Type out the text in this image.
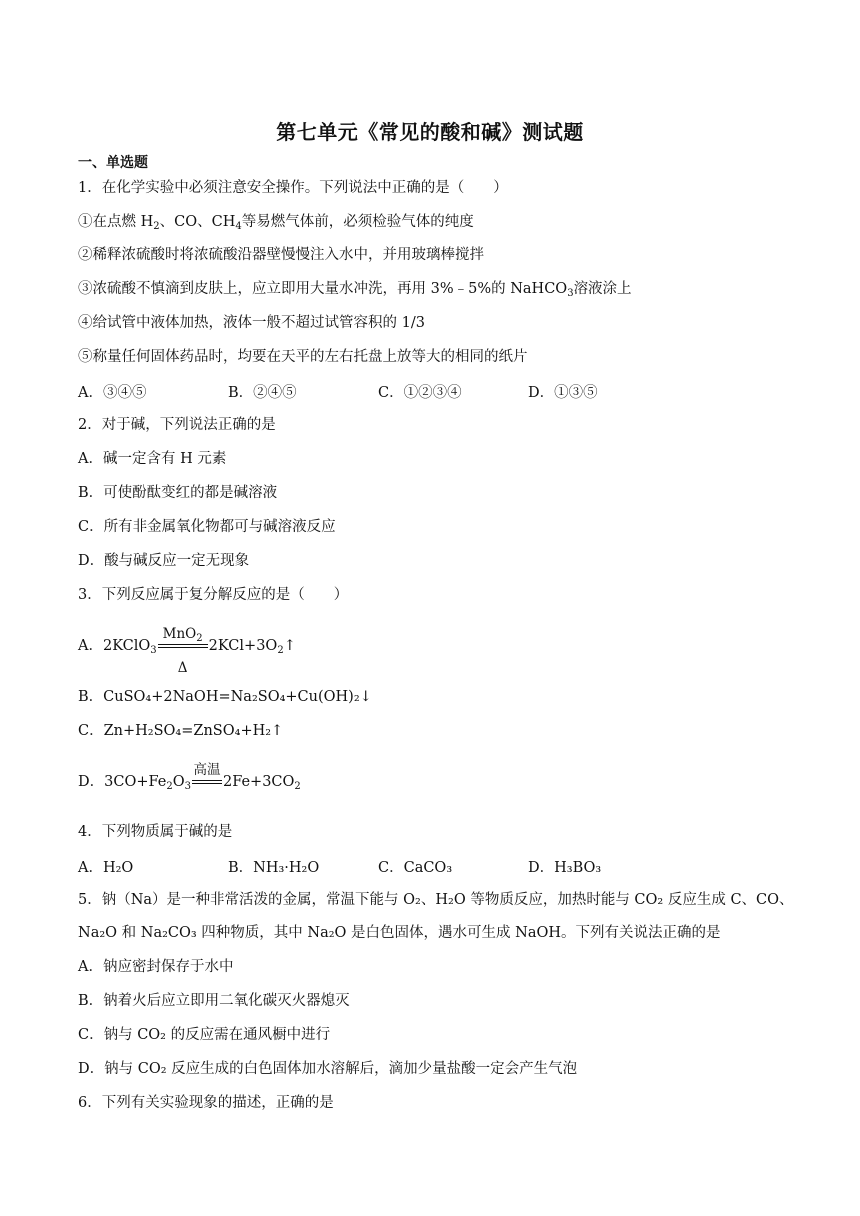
第七单元《常见的酸和碱》测试题
一、单选题
1．在化学实验中必须注意安全操作。下列说法中正确的是（　　）
①在点燃 $H_2$、CO、$CH_4$等易燃气体前，必须检验气体的纯度
②稀释浓硫酸时将浓硫酸沿器壁慢慢注入水中，并用玻璃棒搅拌
③浓硫酸不慎滴到皮肤上，应立即用大量水冲洗，再用 3%﹣5%的 NaHCO$_3$溶液涂上
④给试管中液体加热，液体一般不超过试管容积的 1/3
⑤称量任何固体药品时，均要在天平的左右托盘上放等大的相同的纸片
A．③④⑤	B．②④⑤	C．①②③④	D．①③⑤
2．对于碱，下列说法正确的是
A．碱一定含有 H 元素
B．可使酚酞变红的都是碱溶液
C．所有非金属氧化物都可与碱溶液反应
D．酸与碱反应一定无现象
3．下列反应属于复分解反应的是（　　）
A．2KClO$_3$
MnO$_2$
Δ
$2KCl+3O_2↑$
B．CuSO₄+2NaOH=Na₂SO₄+Cu(OH)₂↓
C．Zn+H₂SO₄=ZnSO₄+H₂↑
D．$3CO+Fe_2O_3$
高温
$2Fe+3CO_2$
4．下列物质属于碱的是
A．H₂O	B．NH₃·H₂O	C．CaCO₃	D．H₃BO₃
5．钠（Na）是一种非常活泼的金属，常温下能与 O₂、H₂O 等物质反应，加热时能与 CO₂ 反应生成 C、CO、
Na₂O 和 Na₂CO₃ 四种物质，其中 Na₂O 是白色固体，遇水可生成 NaOH。下列有关说法正确的是
A．钠应密封保存于水中
B．钠着火后应立即用二氧化碳灭火器熄灭
C．钠与 CO₂ 的反应需在通风橱中进行
D．钠与 CO₂ 反应生成的白色固体加水溶解后，滴加少量盐酸一定会产生气泡
6．下列有关实验现象的描述，正确的是
